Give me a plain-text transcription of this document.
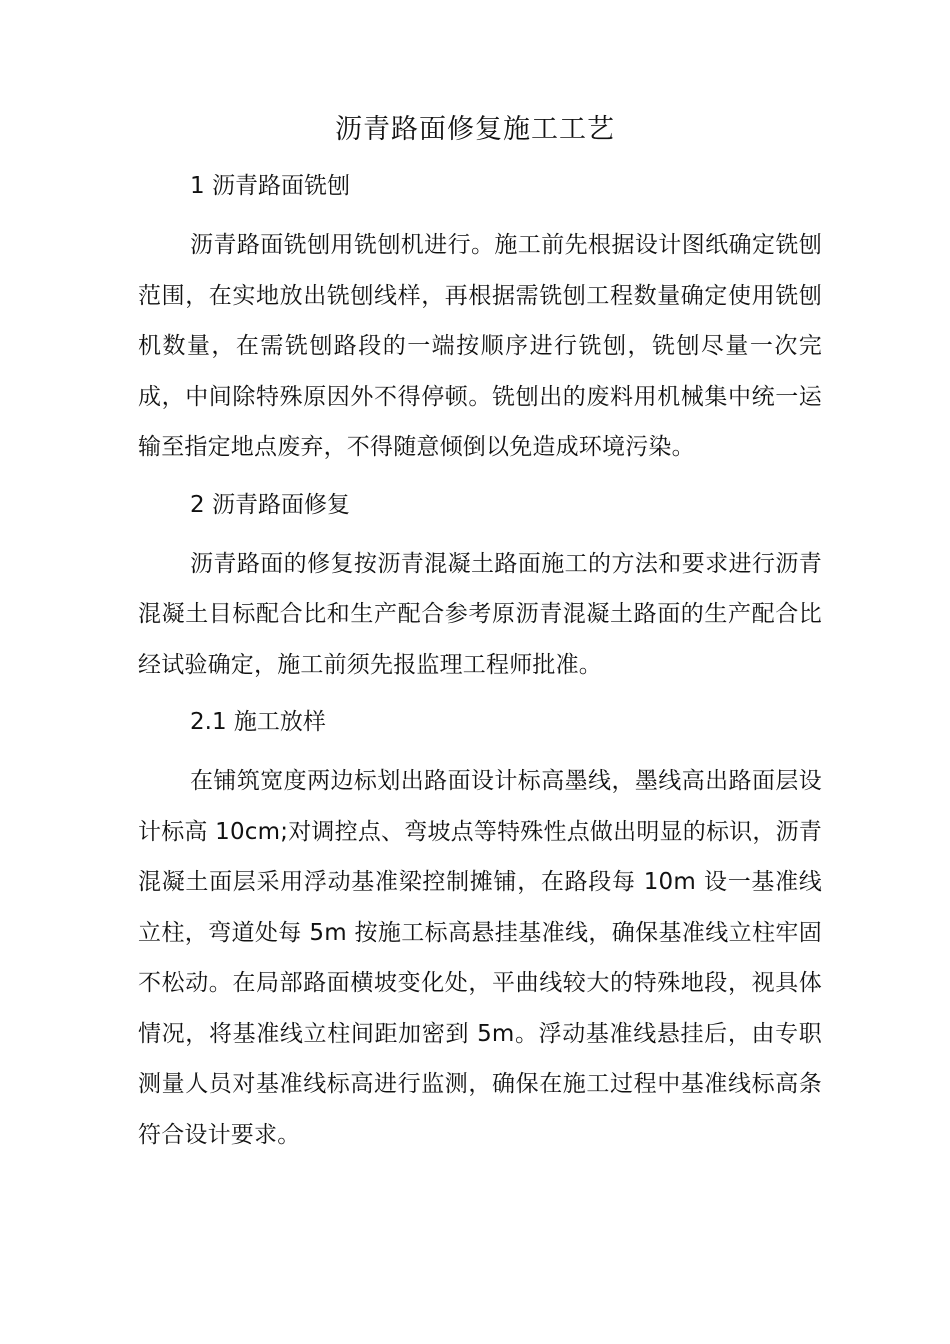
沥青路面修复施工工艺

1 沥青路面铣刨

沥青路面铣刨用铣刨机进行。施工前先根据设计图纸确定铣刨范围，在实地放出铣刨线样，再根据需铣刨工程数量确定使用铣刨机数量，在需铣刨路段的一端按顺序进行铣刨，铣刨尽量一次完成，中间除特殊原因外不得停顿。铣刨出的废料用机械集中统一运输至指定地点废弃，不得随意倾倒以免造成环境污染。

2 沥青路面修复

沥青路面的修复按沥青混凝土路面施工的方法和要求进行沥青混凝土目标配合比和生产配合参考原沥青混凝土路面的生产配合比经试验确定，施工前须先报监理工程师批准。

2.1 施工放样

在铺筑宽度两边标划出路面设计标高墨线，墨线高出路面层设计标高 10cm;对调控点、弯坡点等特殊性点做出明显的标识，沥青混凝土面层采用浮动基准梁控制摊铺，在路段每 10m 设一基准线立柱，弯道处每 5m 按施工标高悬挂基准线，确保基准线立柱牢固不松动。在局部路面横坡变化处，平曲线较大的特殊地段，视具体情况，将基准线立柱间距加密到 5m。浮动基准线悬挂后，由专职测量人员对基准线标高进行监测，确保在施工过程中基准线标高条符合设计要求。
